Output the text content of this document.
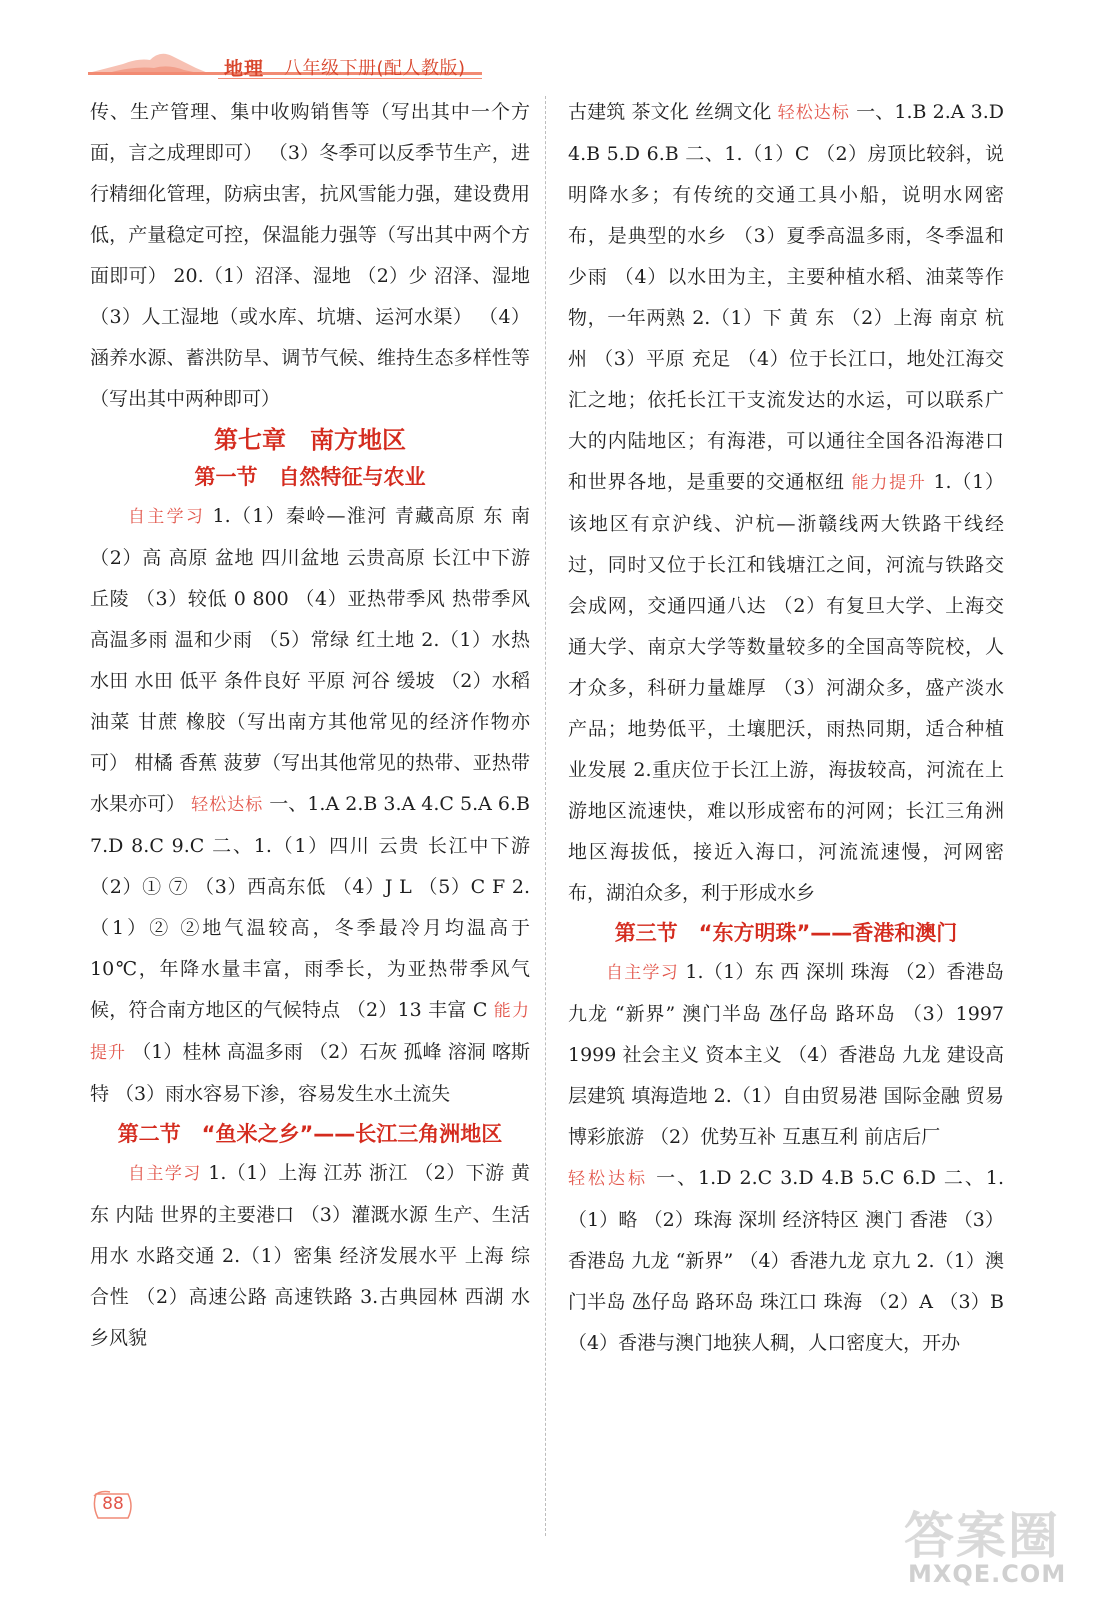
地理 八年级下册(配人教版)

传、生产管理、集中收购销售等（写出其中一个方面，言之成理即可） （3）冬季可以反季节生产，进行精细化管理，防病虫害，抗风雪能力强，建设费用低，产量稳定可控，保温能力强等（写出其中两个方面即可） 20.（1）沼泽、湿地 （2）少 沼泽、湿地 （3）人工湿地（或水库、坑塘、运河水渠） （4）涵养水源、蓄洪防旱、调节气候、维持生态多样性等（写出其中两种即可）

第七章　南方地区
第一节　自然特征与农业

自主学习 1.（1）秦岭—淮河 青藏高原 东 南 （2）高 高原 盆地 四川盆地 云贵高原 长江中下游 丘陵 （3）较低 0 800 （4）亚热带季风 热带季风 高温多雨 温和少雨 （5）常绿 红土地 2.（1）水热 水田 水田 低平 条件良好 平原 河谷 缓坡 （2）水稻 油菜 甘蔗 橡胶（写出南方其他常见的经济作物亦可） 柑橘 香蕉 菠萝（写出其他常见的热带、亚热带水果亦可） 轻松达标 一、1.A 2.B 3.A 4.C 5.A 6.B 7.D 8.C 9.C 二、1.（1）四川 云贵 长江中下游 （2）① ⑦ （3）西高东低 （4）J L （5）C F 2.（1）② ②地气温较高，冬季最冷月均温高于10℃，年降水量丰富，雨季长，为亚热带季风气候，符合南方地区的气候特点 （2）13 丰富 C 能力提升 （1）桂林 高温多雨 （2）石灰 孤峰 溶洞 喀斯特 （3）雨水容易下渗，容易发生水土流失

第二节　“鱼米之乡”——长江三角洲地区

自主学习 1.（1）上海 江苏 浙江 （2）下游 黄 东 内陆 世界的主要港口 （3）灌溉水源 生产、生活用水 水路交通 2.（1）密集 经济发展水平 上海 综合性 （2）高速公路 高速铁路 3.古典园林 西湖 水乡风貌

古建筑 茶文化 丝绸文化 轻松达标 一、1.B 2.A 3.D 4.B 5.D 6.B 二、1.（1）C （2）房顶比较斜，说明降水多；有传统的交通工具小船，说明水网密布，是典型的水乡 （3）夏季高温多雨，冬季温和少雨 （4）以水田为主，主要种植水稻、油菜等作物，一年两熟 2.（1）下 黄 东 （2）上海 南京 杭州 （3）平原 充足 （4）位于长江口，地处江海交汇之地；依托长江干支流发达的水运，可以联系广大的内陆地区；有海港，可以通往全国各沿海港口和世界各地，是重要的交通枢纽 能力提升 1.（1）该地区有京沪线、沪杭—浙赣线两大铁路干线经过，同时又位于长江和钱塘江之间，河流与铁路交会成网，交通四通八达 （2）有复旦大学、上海交通大学、南京大学等数量较多的全国高等院校，人才众多，科研力量雄厚 （3）河湖众多，盛产淡水产品；地势低平，土壤肥沃，雨热同期，适合种植业发展 2.重庆位于长江上游，海拔较高，河流在上游地区流速快，难以形成密布的河网；长江三角洲地区海拔低，接近入海口，河流流速慢，河网密布，湖泊众多，利于形成水乡

第三节　“东方明珠”——香港和澳门

自主学习 1.（1）东 西 深圳 珠海 （2）香港岛 九龙 “新界” 澳门半岛 氹仔岛 路环岛 （3）1997 1999 社会主义 资本主义 （4）香港岛 九龙 建设高层建筑 填海造地 2.（1）自由贸易港 国际金融 贸易 博彩旅游 （2）优势互补 互惠互利 前店后厂

轻松达标 一、1.D 2.C 3.D 4.B 5.C 6.D 二、1.（1）略 （2）珠海 深圳 经济特区 澳门 香港 （3）香港岛 九龙 “新界” （4）香港九龙 京九 2.（1）澳门半岛 氹仔岛 路环岛 珠江口 珠海 （2）A （3）B （4）香港与澳门地狭人稠，人口密度大，开办

88
答案圈
MXQE.COM
